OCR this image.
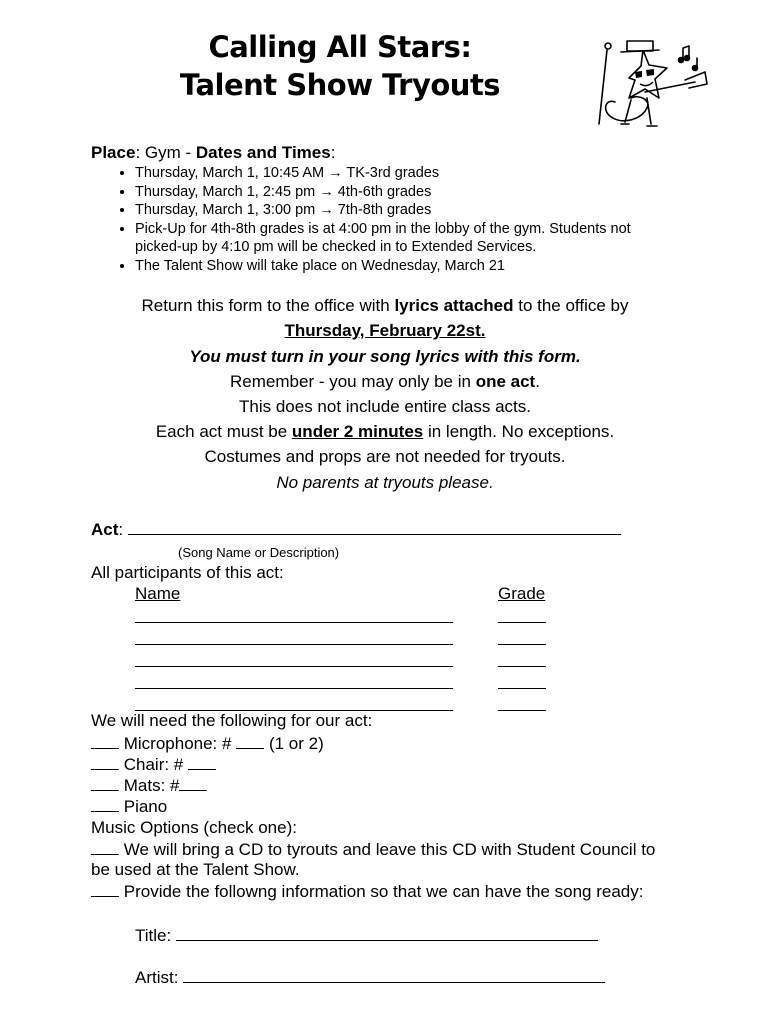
Calling All Stars:
Talent Show Tryouts
Place: Gym - Dates and Times:
• Thursday, March 1, 10:45 AM → TK-3rd grades
• Thursday, March 1, 2:45 pm → 4th-6th grades
• Thursday, March 1, 3:00 pm → 7th-8th grades
• Pick-Up for 4th-8th grades is at 4:00 pm in the lobby of the gym. Students not picked-up by 4:10 pm will be checked in to Extended Services.
• The Talent Show will take place on Wednesday, March 21
Return this form to the office with lyrics attached to the office by
Thursday, February 22st.
You must turn in your song lyrics with this form.
Remember - you may only be in one act.
This does not include entire class acts.
Each act must be under 2 minutes in length. No exceptions.
Costumes and props are not needed for tryouts.
No parents at tryouts please.
Act:
(Song Name or Description)
All participants of this act:
Name	Grade
We will need the following for our act:
Microphone: # (1 or 2)
Chair: #
Mats: #
Piano
Music Options (check one):
We will bring a CD to tyrouts and leave this CD with Student Council to
be used at the Talent Show.
Provide the followng information so that we can have the song ready:
Title:
Artist:
